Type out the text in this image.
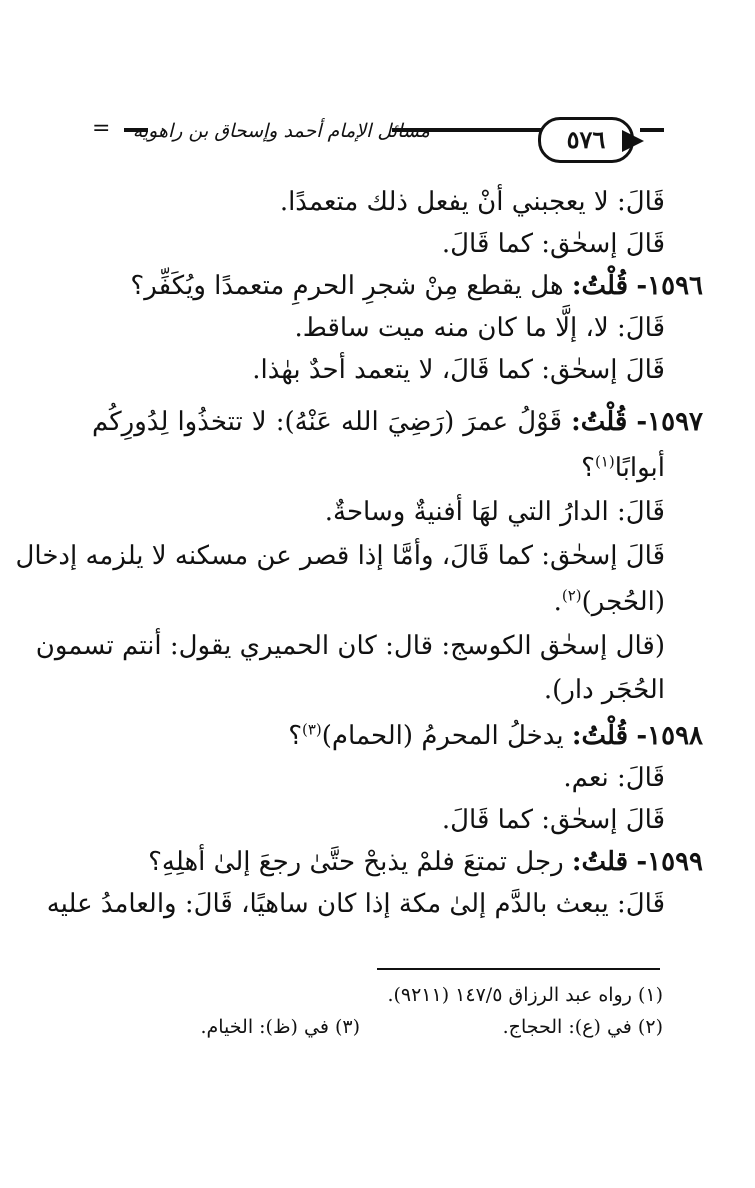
= مسائل الإمام أحمد وإسحاق بن راهويه	٥٧٦
قَالَ: لا يعجبني أنْ يفعل ذلك متعمدًا.
قَالَ إسحٰق: كما قَالَ.
١٥٩٦- قُلْتُ: هل يقطع مِنْ شجرِ الحرمِ متعمدًا ويُكَفِّر؟
قَالَ: لا، إلَّا ما كان منه ميت ساقط.
قَالَ إسحٰق: كما قَالَ، لا يتعمد أحدٌ بهٰذا.
١٥٩٧- قُلْتُ: قَوْلُ عمرَ (رَضِيَ الله عَنْهُ): لا تتخذُوا لِدُورِكُم
أبوابًا$^{(١)}$؟
قَالَ: الدارُ التي لهَا أفنيةٌ وساحةٌ.
قَالَ إسحٰق: كما قَالَ، وأمَّا إذا قصر عن مسكنه لا يلزمه إدخال
(الحُجر)$^{(٢)}$.
(قال إسحٰق الكوسج: قال: كان الحميري يقول: أنتم تسمون
الحُجَر دار).
١٥٩٨- قُلْتُ: يدخلُ المحرمُ (الحمام)$^{(٣)}$؟
قَالَ: نعم.
قَالَ إسحٰق: كما قَالَ.
١٥٩٩- قلتُ: رجل تمتعَ فلمْ يذبحْ حتَّىٰ رجعَ إلىٰ أهلِهِ؟
قَالَ: يبعث بالدَّم إلىٰ مكة إذا كان ساهيًا، قَالَ: والعامدُ عليه
(١) رواه عبد الرزاق ١٤٧/٥ (٩٢١١).
(٢) في (ع): الحجاج.
(٣) في (ظ): الخيام.
